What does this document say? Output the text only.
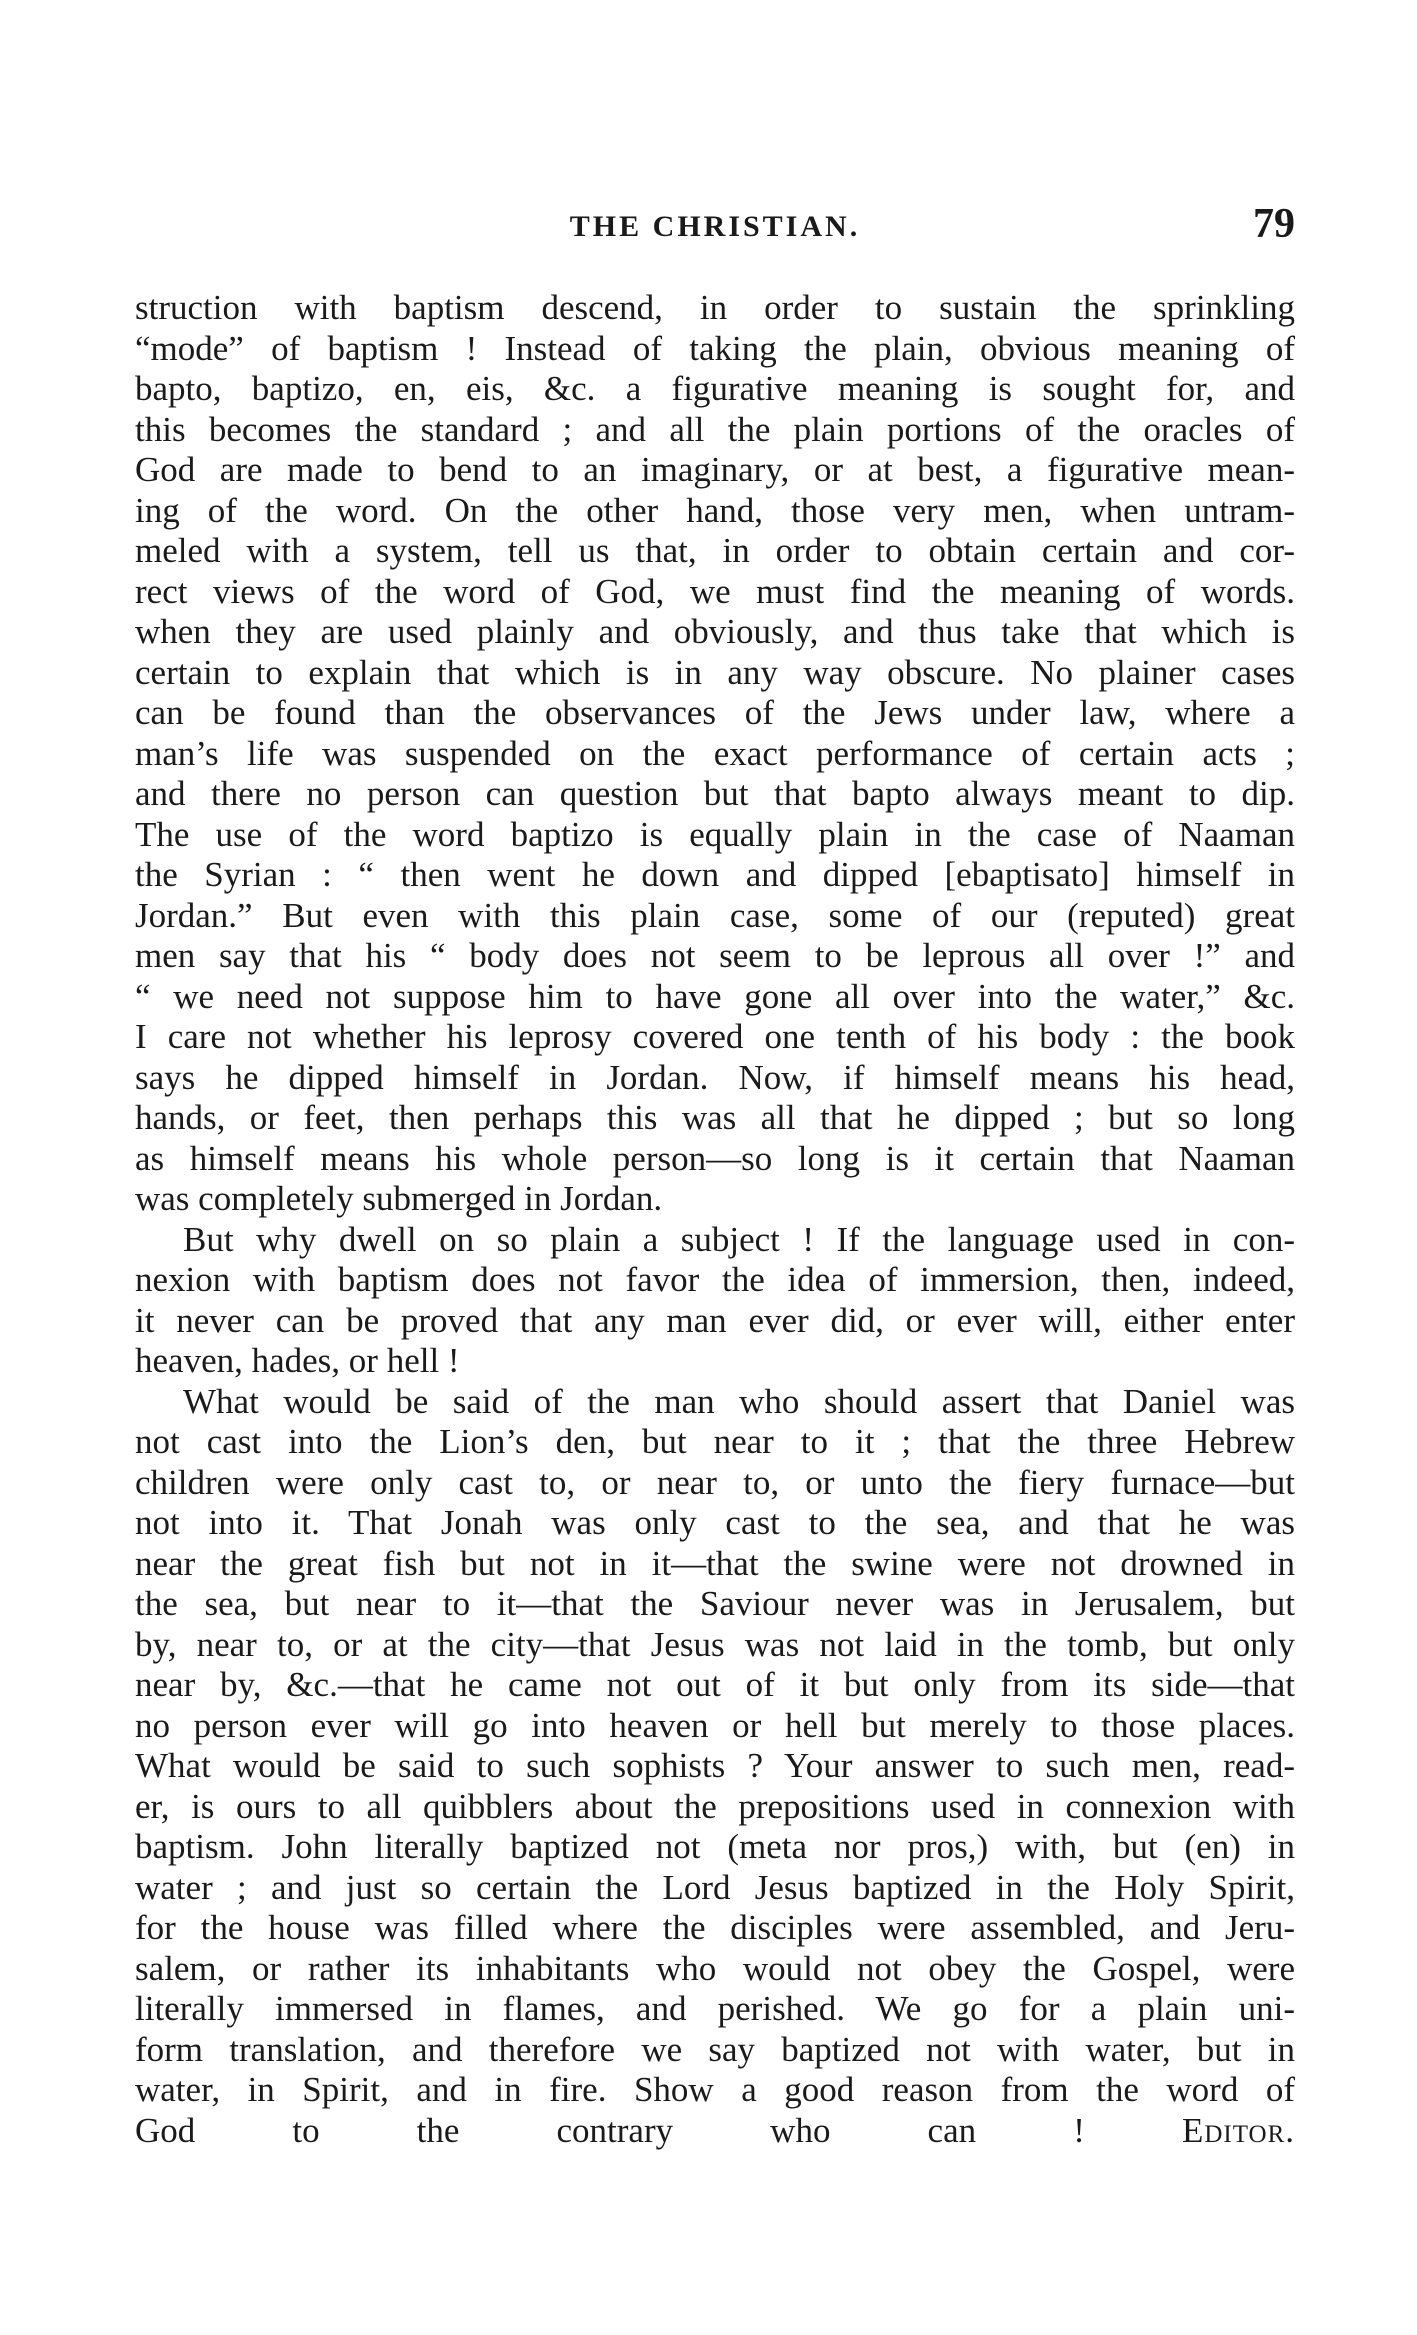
THE CHRISTIAN.	79
struction with baptism descend, in order to sustain the sprinkling
“mode” of baptism ! Instead of taking the plain, obvious meaning of
bapto, baptizo, en, eis, &c. a figurative meaning is sought for, and
this becomes the standard ; and all the plain portions of the oracles of
God are made to bend to an imaginary, or at best, a figurative mean-
ing of the word. On the other hand, those very men, when untram-
meled with a system, tell us that, in order to obtain certain and cor-
rect views of the word of God, we must find the meaning of words.
when they are used plainly and obviously, and thus take that which is
certain to explain that which is in any way obscure. No plainer cases
can be found than the observances of the Jews under law, where a
man’s life was suspended on the exact performance of certain acts ;
and there no person can question but that bapto always meant to dip.
The use of the word baptizo is equally plain in the case of Naaman
the Syrian : “ then went he down and dipped [ebaptisato] himself in
Jordan.” But even with this plain case, some of our (reputed) great
men say that his “ body does not seem to be leprous all over !” and
“ we need not suppose him to have gone all over into the water,” &c.
I care not whether his leprosy covered one tenth of his body : the book
says he dipped himself in Jordan. Now, if himself means his head,
hands, or feet, then perhaps this was all that he dipped ; but so long
as himself means his whole person—so long is it certain that Naaman
was completely submerged in Jordan.
But why dwell on so plain a subject ! If the language used in con-
nexion with baptism does not favor the idea of immersion, then, indeed,
it never can be proved that any man ever did, or ever will, either enter
heaven, hades, or hell !
What would be said of the man who should assert that Daniel was
not cast into the Lion’s den, but near to it ; that the three Hebrew
children were only cast to, or near to, or unto the fiery furnace—but
not into it. That Jonah was only cast to the sea, and that he was
near the great fish but not in it—that the swine were not drowned in
the sea, but near to it—that the Saviour never was in Jerusalem, but
by, near to, or at the city—that Jesus was not laid in the tomb, but only
near by, &c.—that he came not out of it but only from its side—that
no person ever will go into heaven or hell but merely to those places.
What would be said to such sophists ? Your answer to such men, read-
er, is ours to all quibblers about the prepositions used in connexion with
baptism. John literally baptized not (meta nor pros,) with, but (en) in
water ; and just so certain the Lord Jesus baptized in the Holy Spirit,
for the house was filled where the disciples were assembled, and Jeru-
salem, or rather its inhabitants who would not obey the Gospel, were
literally immersed in flames, and perished. We go for a plain uni-
form translation, and therefore we say baptized not with water, but in
water, in Spirit, and in fire. Show a good reason from the word of
God to the contrary who can !	Editor.
